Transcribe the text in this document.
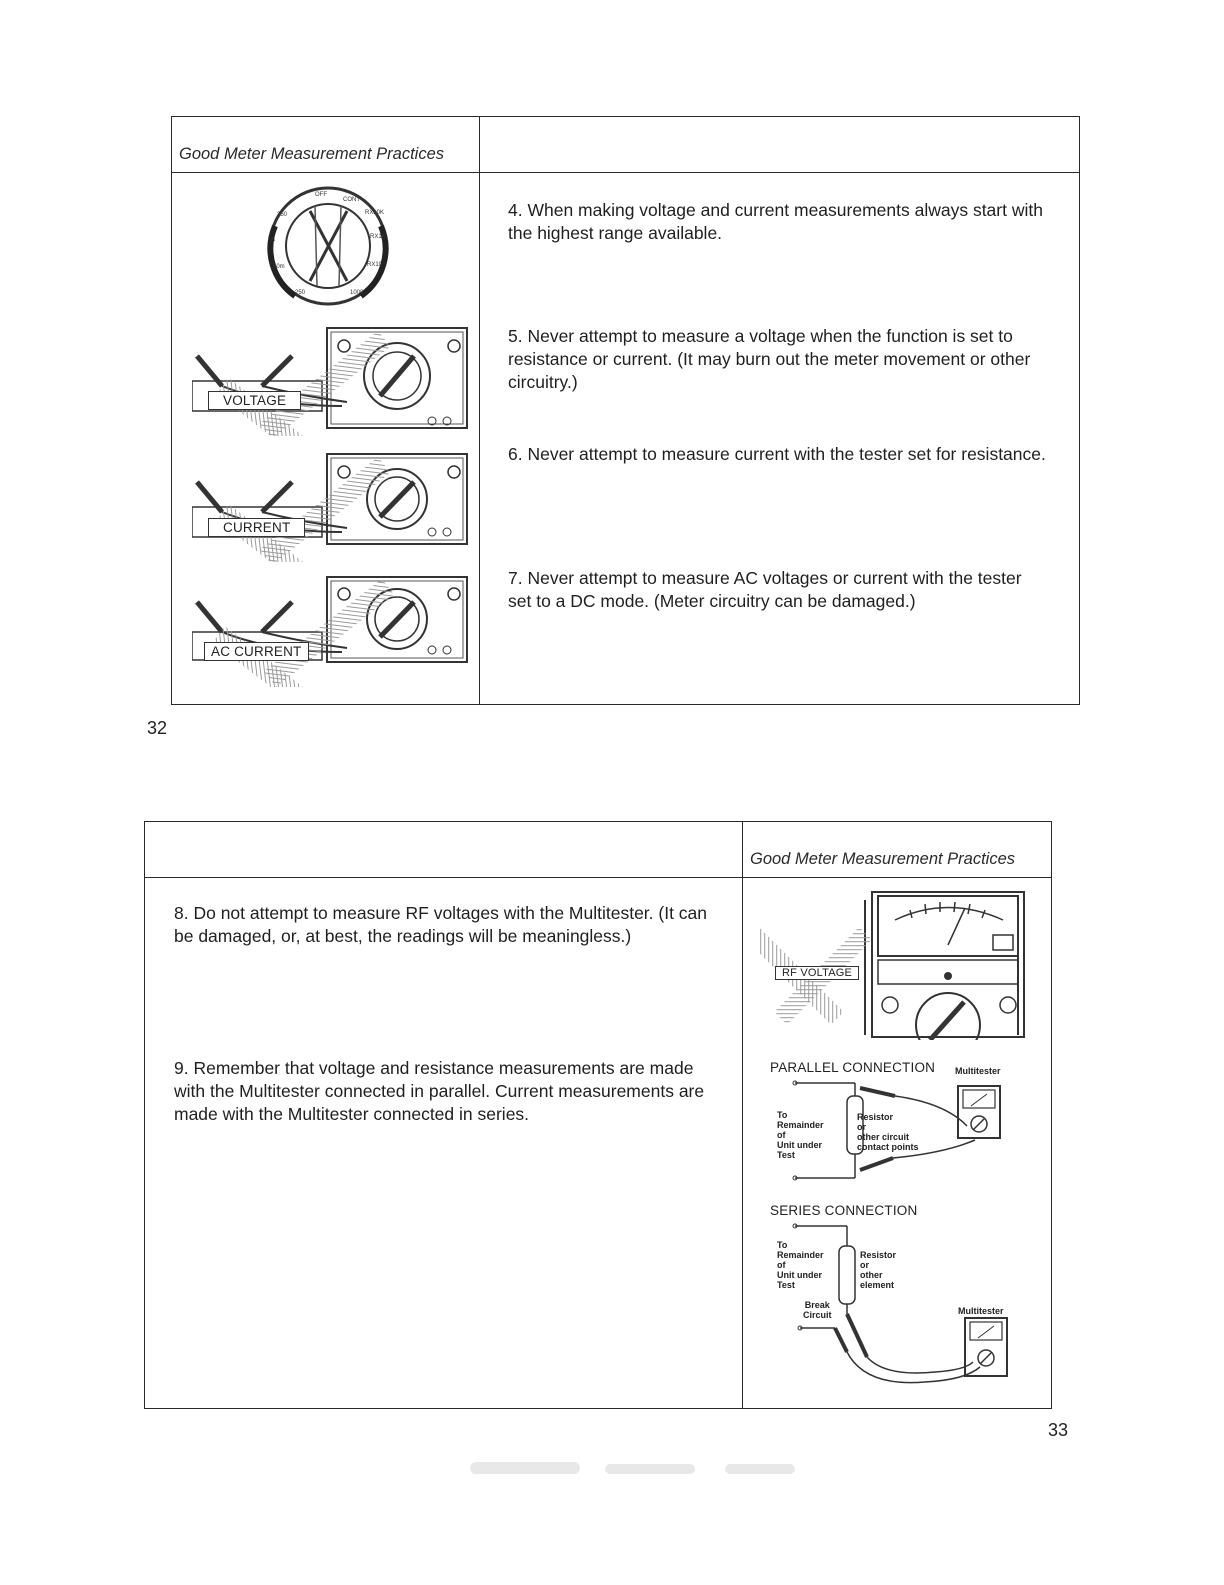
Good Meter Measurement Practices
OFF
CONT
RX10K
RX1K
RX10
1000
250
50m
A
250
VOLTAGE
CURRENT
AC CURRENT
4. When making voltage and current measurements always start with the highest range available.
5. Never attempt to measure a voltage when the function is set to resistance or current. (It may burn out the meter movement or other circuitry.)
6. Never attempt to measure current with the tester set for resistance.
7. Never attempt to measure AC voltages or current with the tester set to a DC mode. (Meter circuitry can be damaged.)
32
Good Meter Measurement Practices
8. Do not attempt to measure RF voltages with the Multitester. (It can be damaged, or, at best, the readings will be meaningless.)
9. Remember that voltage and resistance measurements are made with the Multitester connected in parallel. Current measurements are made with the Multitester connected in series.
RF VOLTAGE
PARALLEL CONNECTION Multitester
To
Remainder
of
Unit under
Test
Resistor
or
other circuit
contact points
SERIES CONNECTION
To
Remainder
of
Unit under
Test
Resistor
or
other
element
Break
Circuit	Multitester
33
